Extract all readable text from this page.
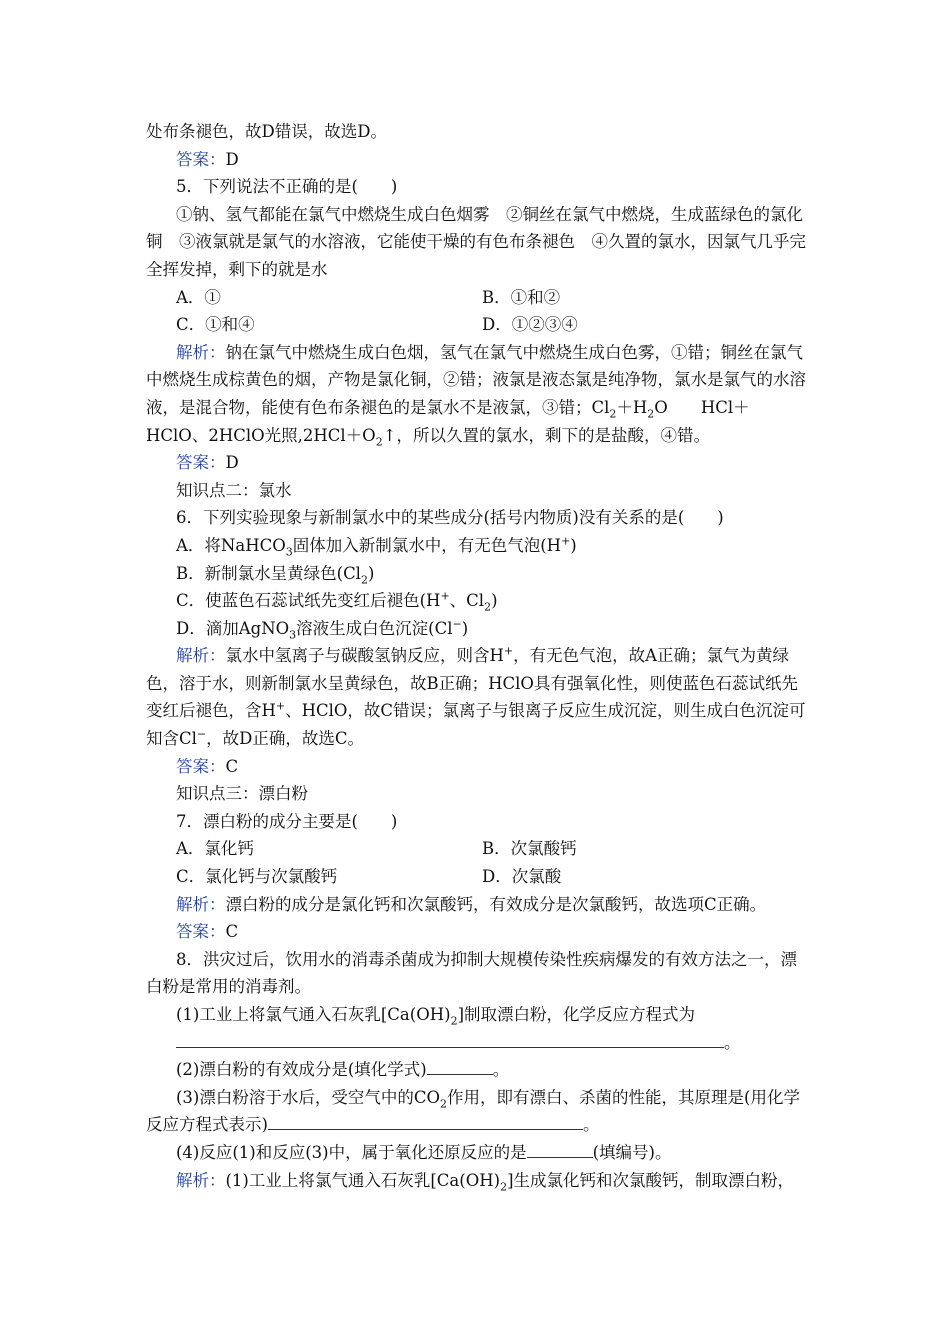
处布条褪色，故D错误，故选D。

答案：D

5．下列说法不正确的是(　　)

①钠、氢气都能在氯气中燃烧生成白色烟雾　②铜丝在氯气中燃烧，生成蓝绿色的氯化铜　③液氯就是氯气的水溶液，它能使干燥的有色布条褪色　④久置的氯水，因氯气几乎完全挥发掉，剩下的就是水

A．①	B．①和②
C．①和④	D．①②③④

解析：钠在氯气中燃烧生成白色烟，氢气在氯气中燃烧生成白色雾，①错；铜丝在氯气中燃烧生成棕黄色的烟，产物是氯化铜，②错；液氯是液态氯是纯净物，氯水是氯气的水溶液，是混合物，能使有色布条褪色的是氯水不是液氯，③错；$Cl_2+H_2O$　　HCl＋HClO、2HClO光照$,2HCl+O_2↑$，所以久置的氯水，剩下的是盐酸，④错。

答案：D

知识点二：氯水

6．下列实验现象与新制氯水中的某些成分(括号内物质)没有关系的是(　　)

A．将NaHCO$_3$固体加入新制氯水中，有无色气泡(H+)

B．新制氯水呈黄绿色$(Cl_2)$

C．使蓝色石蕊试纸先变红后褪色(H+、$Cl_2$)

D．滴加AgNO$_3$溶液生成白色沉淀(Cl−)

解析：氯水中氢离子与碳酸氢钠反应，则含H+，有无色气泡，故A正确；氯气为黄绿色，溶于水，则新制氯水呈黄绿色，故B正确；HClO具有强氧化性，则使蓝色石蕊试纸先变红后褪色，含H+、HClO，故C错误；氯离子与银离子反应生成沉淀，则生成白色沉淀可知含Cl−，故D正确，故选C。

答案：C

知识点三：漂白粉

7．漂白粉的成分主要是(　　)

A．氯化钙	B．次氯酸钙
C．氯化钙与次氯酸钙	D．次氯酸

解析：漂白粉的成分是氯化钙和次氯酸钙，有效成分是次氯酸钙，故选项C正确。

答案：C

8．洪灾过后，饮用水的消毒杀菌成为抑制大规模传染性疾病爆发的有效方法之一，漂白粉是常用的消毒剂。

(1)工业上将氯气通入石灰乳$[Ca(OH)_2]$制取漂白粉，化学反应方程式为

。

(2)漂白粉的有效成分是(填化学式)	。

(3)漂白粉溶于水后，受空气中的$CO_2$作用，即有漂白、杀菌的性能，其原理是(用化学反应方程式表示)	。

(4)反应(1)和反应(3)中，属于氧化还原反应的是	(填编号)。

解析：(1)工业上将氯气通入石灰乳$[Ca(OH)_2]$生成氯化钙和次氯酸钙，制取漂白粉，
